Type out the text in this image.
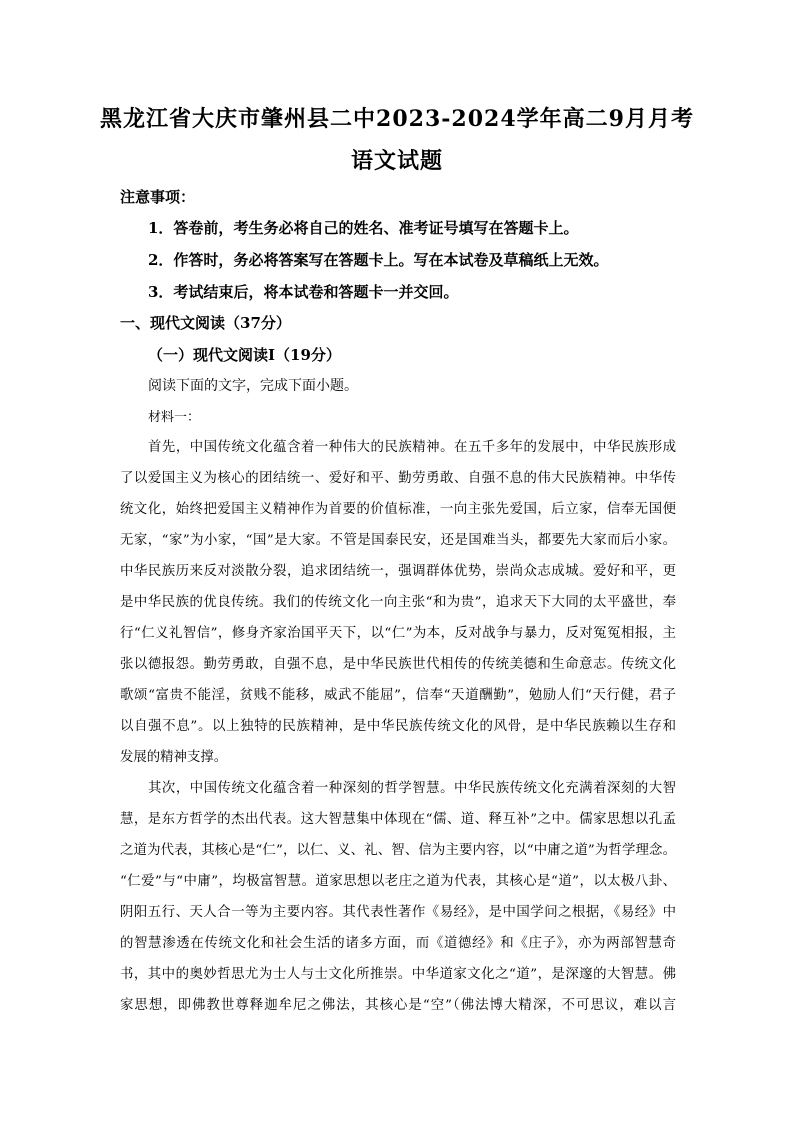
黑龙江省大庆市肇州县二中2023-2024学年高二9月月考
语文试题
注意事项：
1．答卷前，考生务必将自己的姓名、准考证号填写在答题卡上。
2．作答时，务必将答案写在答题卡上。写在本试卷及草稿纸上无效。
3．考试结束后，将本试卷和答题卡一并交回。
一、现代文阅读（37分）
（一）现代文阅读Ⅰ（19分）
阅读下面的文字，完成下面小题。
材料一：
首先，中国传统文化蕴含着一种伟大的民族精神。在五千多年的发展中，中华民族形成
了以爱国主义为核心的团结统一、爱好和平、勤劳勇敢、自强不息的伟大民族精神。中华传
统文化，始终把爱国主义精神作为首要的价值标准，一向主张先爱国，后立家，信奉无国便
无家，“家”为小家，“国”是大家。不管是国泰民安，还是国难当头，都要先大家而后小家。
中华民族历来反对淡散分裂，追求团结统一，强调群体优势，崇尚众志成城。爱好和平，更
是中华民族的优良传统。我们的传统文化一向主张“和为贵”，追求天下大同的太平盛世，奉
行“仁义礼智信”，修身齐家治国平天下，以“仁”为本，反对战争与暴力，反对冤冤相报，主
张以德报怨。勤劳勇敢，自强不息，是中华民族世代相传的传统美德和生命意志。传统文化
歌颂“富贵不能淫，贫贱不能移，威武不能屈”，信奉“天道酬勤”，勉励人们“天行健，君子
以自强不息”。以上独特的民族精神，是中华民族传统文化的风骨，是中华民族赖以生存和
发展的精神支撑。
其次，中国传统文化蕴含着一种深刻的哲学智慧。中华民族传统文化充满着深刻的大智
慧，是东方哲学的杰出代表。这大智慧集中体现在“儒、道、释互补”之中。儒家思想以孔孟
之道为代表，其核心是“仁”，以仁、义、礼、智、信为主要内容，以“中庸之道”为哲学理念。
“仁爱”与“中庸”，均极富智慧。道家思想以老庄之道为代表，其核心是“道”，以太极八卦、
阴阳五行、天人合一等为主要内容。其代表性著作《易经》，是中国学问之根据，《易经》中
的智慧渗透在传统文化和社会生活的诸多方面，而《道德经》和《庄子》，亦为两部智慧奇
书，其中的奥妙哲思尤为士人与士文化所推崇。中华道家文化之“道”，是深邃的大智慧。佛
家思想，即佛教世尊释迦牟尼之佛法，其核心是“空”（佛法博大精深，不可思议，难以言
